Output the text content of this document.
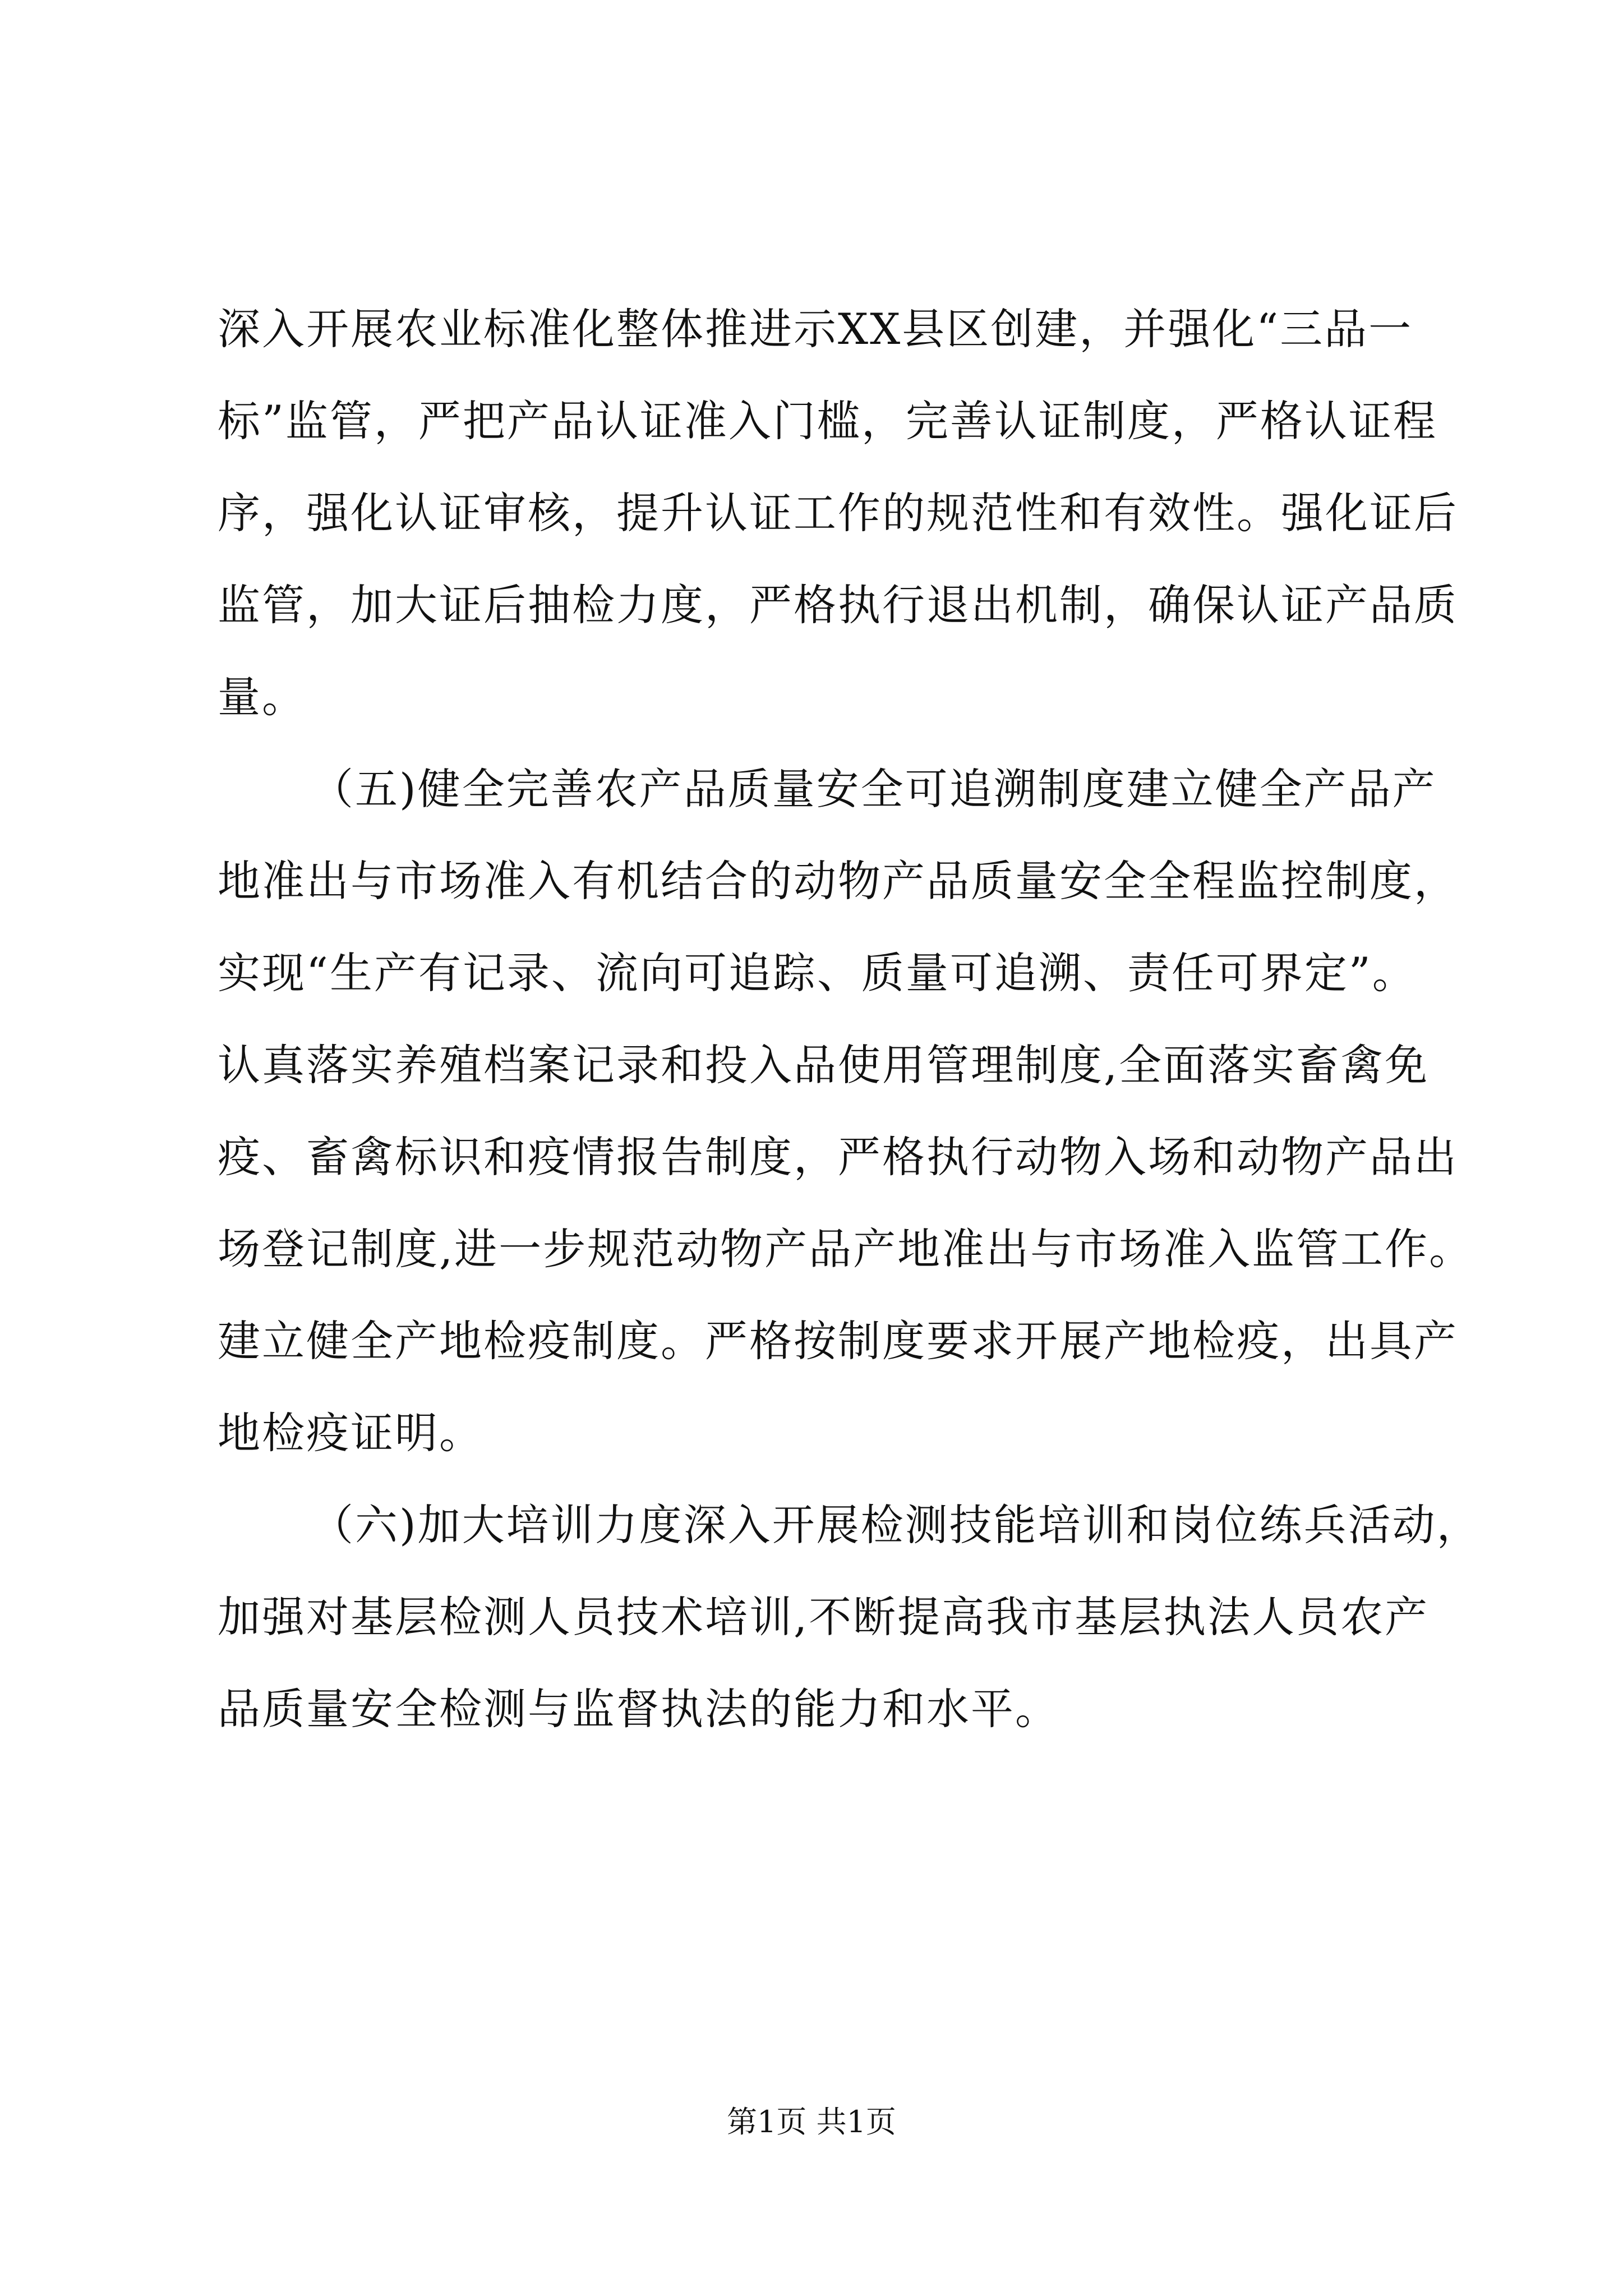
深入开展农业标准化整体推进示XX县区创建，并强化“三品一
标”监管，严把产品认证准入门槛，完善认证制度，严格认证程
序，强化认证审核，提升认证工作的规范性和有效性。强化证后
监管，加大证后抽检力度，严格执行退出机制，确保认证产品质
量。
（五)健全完善农产品质量安全可追溯制度建立健全产品产
地准出与市场准入有机结合的动物产品质量安全全程监控制度，
实现“生产有记录、流向可追踪、质量可追溯、责任可界定”。
认真落实养殖档案记录和投入品使用管理制度,全面落实畜禽免
疫、畜禽标识和疫情报告制度，严格执行动物入场和动物产品出
场登记制度,进一步规范动物产品产地准出与市场准入监管工作。
建立健全产地检疫制度。严格按制度要求开展产地检疫，出具产
地检疫证明。
（六)加大培训力度深入开展检测技能培训和岗位练兵活动，
加强对基层检测人员技术培训,不断提高我市基层执法人员农产
品质量安全检测与监督执法的能力和水平。
第1页 共1页
